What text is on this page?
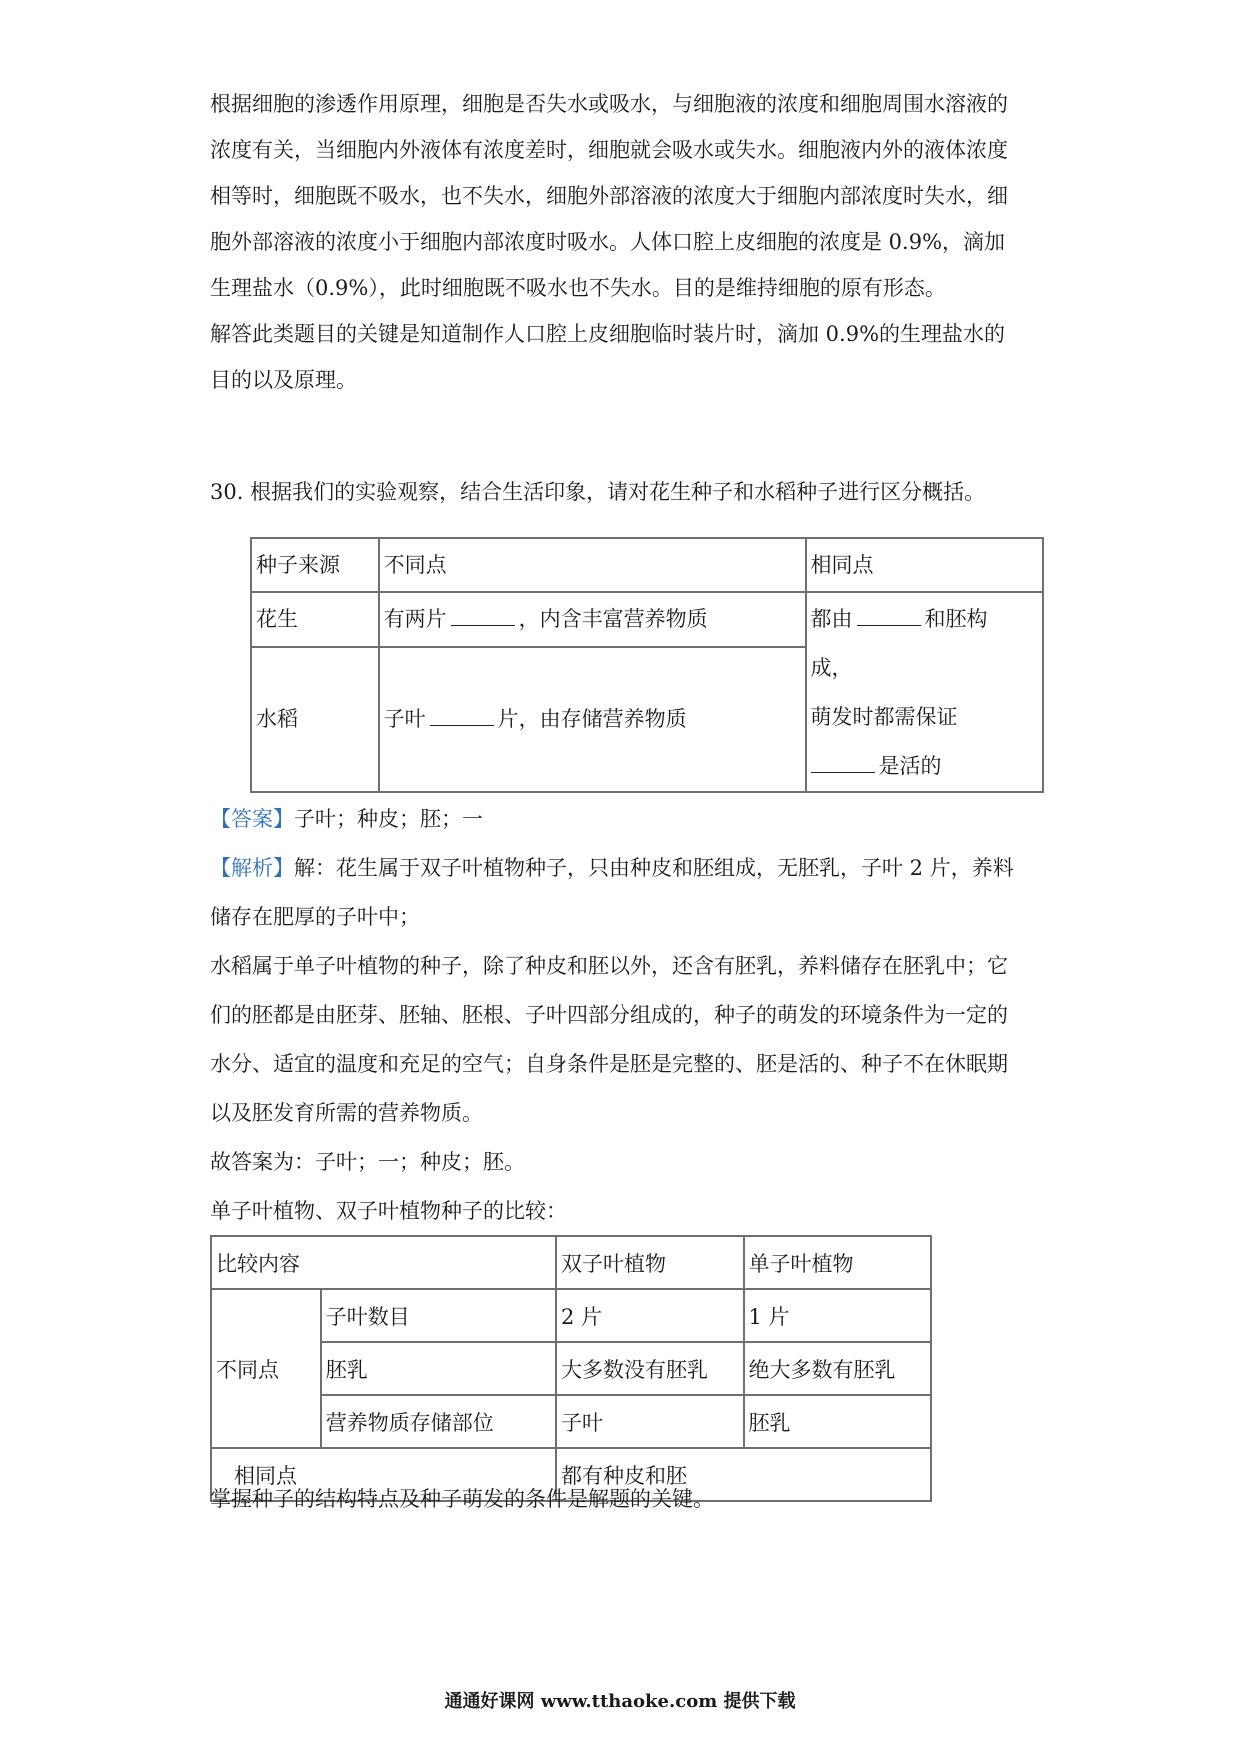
根据细胞的渗透作用原理，细胞是否失水或吸水，与细胞液的浓度和细胞周围水溶液的

浓度有关，当细胞内外液体有浓度差时，细胞就会吸水或失水。细胞液内外的液体浓度

相等时，细胞既不吸水，也不失水，细胞外部溶液的浓度大于细胞内部浓度时失水，细

胞外部溶液的浓度小于细胞内部浓度时吸水。人体口腔上皮细胞的浓度是 0.9%，滴加

生理盐水（0.9%），此时细胞既不吸水也不失水。目的是维持细胞的原有形态。

解答此类题目的关键是知道制作人口腔上皮细胞临时装片时，滴加 0.9%的生理盐水的

目的以及原理。

30. 根据我们的实验观察，结合生活印象，请对花生种子和水稻种子进行区分概括。

种子来源	不同点	相同点
花生	有两片 ，内含丰富营养物质	都由 和胚构
成，
萌发时都需保证
是活的

水稻	子叶 片，由存储营养物质	

【答案】子叶；种皮；胚；一

【解析】解：花生属于双子叶植物种子，只由种皮和胚组成，无胚乳，子叶 2 片，养料

储存在肥厚的子叶中；

水稻属于单子叶植物的种子，除了种皮和胚以外，还含有胚乳，养料储存在胚乳中；它

们的胚都是由胚芽、胚轴、胚根、子叶四部分组成的，种子的萌发的环境条件为一定的

水分、适宜的温度和充足的空气；自身条件是胚是完整的、胚是活的、种子不在休眠期

以及胚发育所需的营养物质。

故答案为：子叶；一；种皮；胚。

单子叶植物、双子叶植物种子的比较：

比较内容		双子叶植物	单子叶植物
不同点	子叶数目	2 片	1 片
	胚乳	大多数没有胚乳	绝大多数有胚乳
	营养物质存储部位	子叶	胚乳
相同点		都有种皮和胚	

掌握种子的结构特点及种子萌发的条件是解题的关键。

通通好课网 www.tthaoke.com 提供下载
